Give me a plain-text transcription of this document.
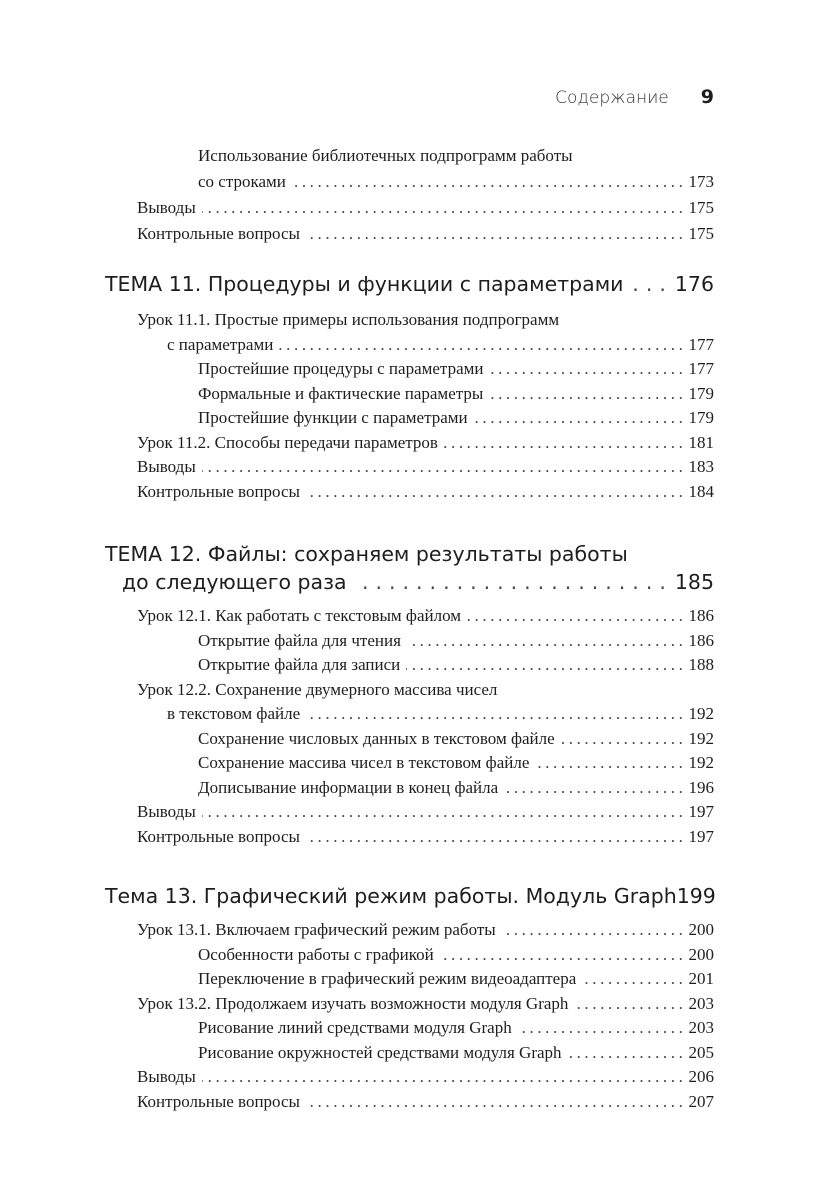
Содержание 9
Использование библиотечных подпрограмм работы
со строками .....	173
Выводы .....	175
Контрольные вопросы .....	175
ТЕМА 11. Процедуры и функции с параметрами .....	176
Урок 11.1. Простые примеры использования подпрограмм
с параметрами .....	177
Простейшие процедуры с параметрами .....	177
Формальные и фактические параметры .....	179
Простейшие функции с параметрами .....	179
Урок 11.2. Способы передачи параметров .....	181
Выводы .....	183
Контрольные вопросы .....	184
ТЕМА 12. Файлы: сохраняем результаты работы
до следующего раза .....	185
Урок 12.1. Как работать с текстовым файлом .....	186
Открытие файла для чтения .....	186
Открытие файла для записи .....	188
Урок 12.2. Сохранение двумерного массива чисел
в текстовом файле .....	192
Сохранение числовых данных в текстовом файле .....	192
Сохранение массива чисел в текстовом файле .....	192
Дописывание информации в конец файла .....	196
Выводы .....	197
Контрольные вопросы .....	197
Тема 13. Графический режим работы. Модуль Graph 199
Урок 13.1. Включаем графический режим работы .....	200
Особенности работы с графикой .....	200
Переключение в графический режим видеоадаптера .....	201
Урок 13.2. Продолжаем изучать возможности модуля Graph .....	203
Рисование линий средствами модуля Graph .....	203
Рисование окружностей средствами модуля Graph .....	205
Выводы .....	206
Контрольные вопросы .....	207
